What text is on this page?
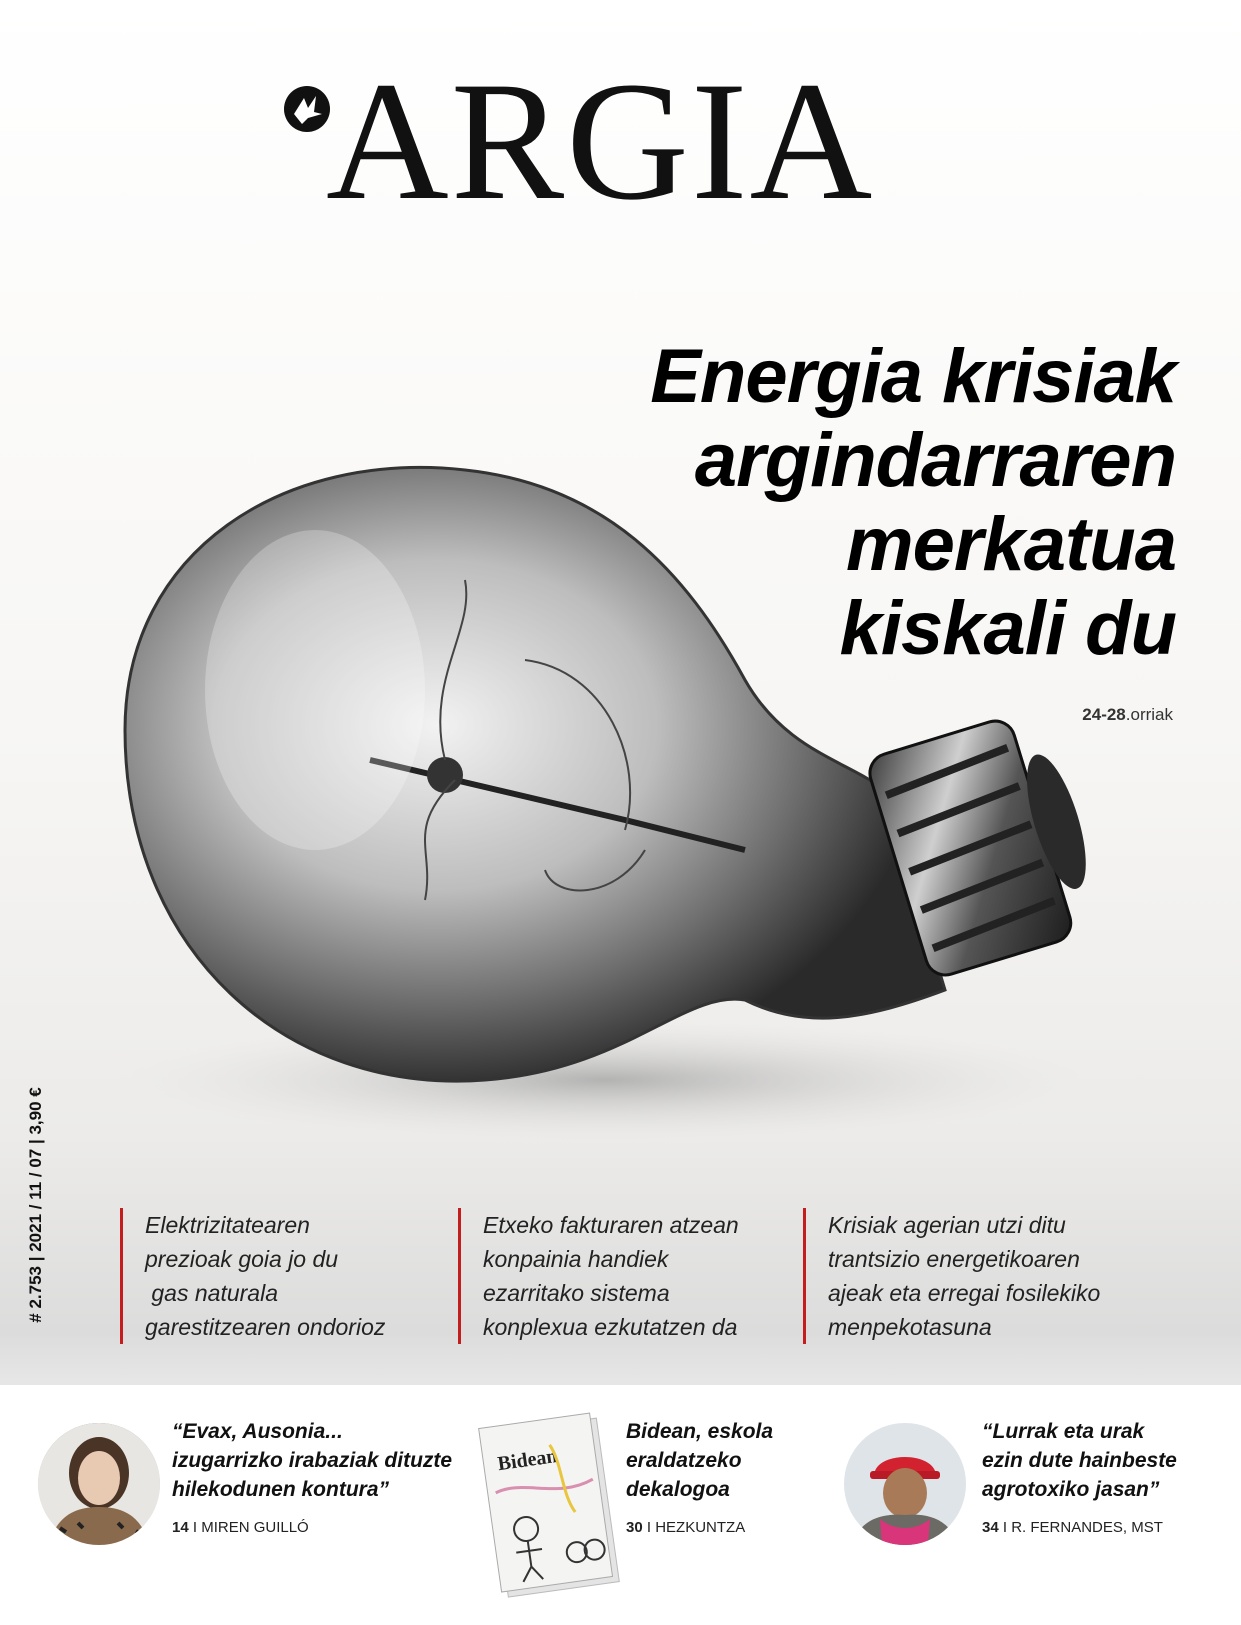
ARGIA
Energia krisiak
argindarraren
merkatua
kiskali du
24-28.orriak
# 2.753 | 2021 / 11 / 07 | 3,90 €	Elektrizitatearen
prezioak goia jo du
gas naturala
garestitzearen ondorioz
Etxeko fakturaren atzean
konpainia handiek
ezarritako sistema
konplexua ezkutatzen da
Krisiak agerian utzi ditu
trantsizio energetikoaren
ajeak eta erregai fosilekiko
menpekotasuna
“Evax, Ausonia...
izugarrizko irabaziak dituzte
hilekodunen kontura”
14 I MIREN GUILLÓ
Bidean
Bidean, eskola
eraldatzeko
dekalogoa
30 I HEZKUNTZA
“Lurrak eta urak
ezin dute hainbeste
agrotoxiko jasan”
34 I R. FERNANDES, MST
